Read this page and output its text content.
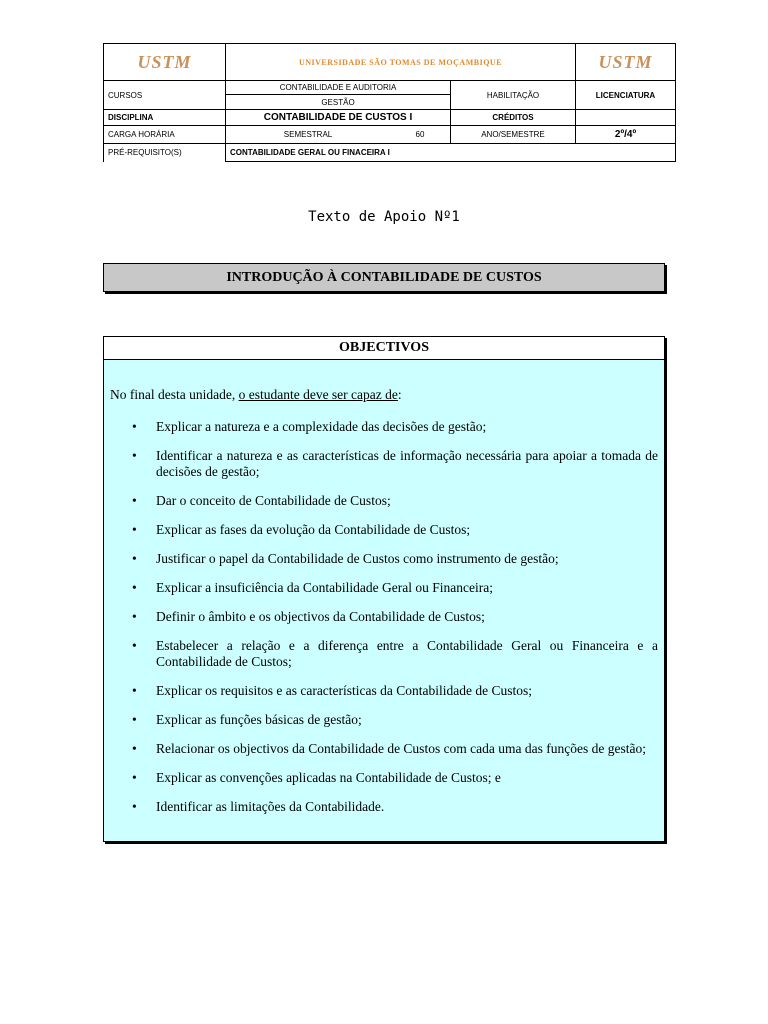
USTM	UNIVERSIDADE SÃO TOMAS DE MOÇAMBIQUE		USTM
CURSOS	CONTABILIDADE E AUDITORIA	HABILITAÇÃO	LICENCIATURA
	GESTÃO		
DISCIPLINA	CONTABILIDADE DE CUSTOS I	CRÉDITOS	
CARGA HORÁRIA	SEMESTRAL 60	ANO/SEMESTRE	2º/4º
PRÉ-REQUISITO(S)	CONTABILIDADE GERAL OU FINACEIRA I		
Texto de Apoio Nº1
INTRODUÇÃO À CONTABILIDADE DE CUSTOS
OBJECTIVOS
No final desta unidade, o estudante deve ser capaz de:
• Explicar a natureza e a complexidade das decisões de gestão;
• Identificar a natureza e as características de informação necessária para apoiar a tomada de decisões de gestão;
• Dar o conceito de Contabilidade de Custos;
• Explicar as fases da evolução da Contabilidade de Custos;
• Justificar o papel da Contabilidade de Custos como instrumento de gestão;
• Explicar a insuficiência da Contabilidade Geral ou Financeira;
• Definir o âmbito e os objectivos da Contabilidade de Custos;
• Estabelecer a relação e a diferença entre a Contabilidade Geral ou Financeira e a Contabilidade de Custos;
• Explicar os requisitos e as características da Contabilidade de Custos;
• Explicar as funções básicas de gestão;
• Relacionar os objectivos da Contabilidade de Custos com cada uma das funções de gestão;
• Explicar as convenções aplicadas na Contabilidade de Custos; e
• Identificar as limitações da Contabilidade.
